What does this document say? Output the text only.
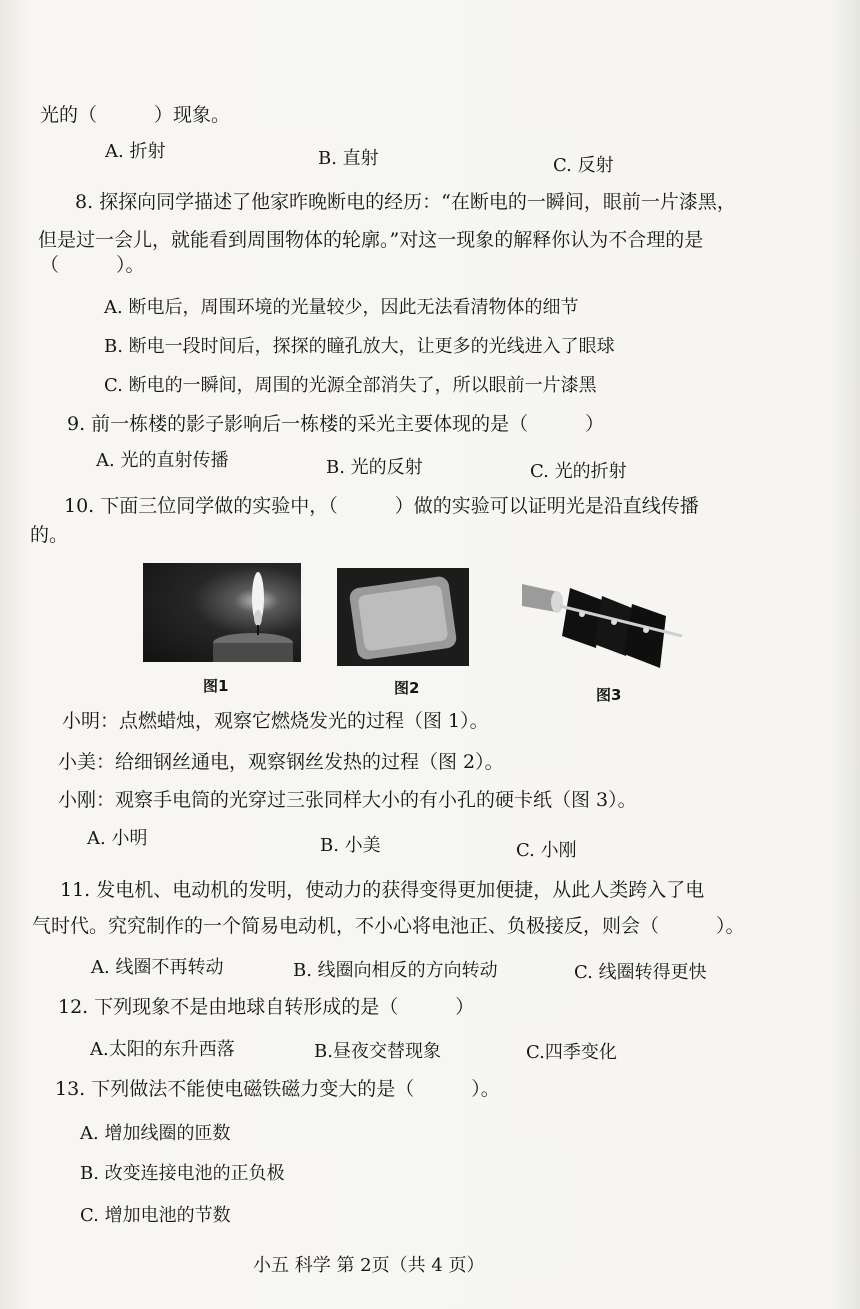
光的（　　　）现象。
A. 折射	B. 直射	C. 反射
8. 探探向同学描述了他家昨晚断电的经历：“在断电的一瞬间，眼前一片漆黑，
但是过一会儿，就能看到周围物体的轮廓。”对这一现象的解释你认为不合理的是
（　　　）。
A. 断电后，周围环境的光量较少，因此无法看清物体的细节
B. 断电一段时间后，探探的瞳孔放大，让更多的光线进入了眼球
C. 断电的一瞬间，周围的光源全部消失了，所以眼前一片漆黑
9. 前一栋楼的影子影响后一栋楼的采光主要体现的是（　　　）
A. 光的直射传播	B. 光的反射	C. 光的折射
10. 下面三位同学做的实验中，（　　　）做的实验可以证明光是沿直线传播
的。
图1	图2	图3
小明：点燃蜡烛，观察它燃烧发光的过程（图 1）。
小美：给细钢丝通电，观察钢丝发热的过程（图 2）。
小刚：观察手电筒的光穿过三张同样大小的有小孔的硬卡纸（图 3）。
A. 小明	B. 小美	C. 小刚
11. 发电机、电动机的发明，使动力的获得变得更加便捷，从此人类跨入了电
气时代。究究制作的一个简易电动机，不小心将电池正、负极接反，则会（　　　）。
A. 线圈不再转动	B. 线圈向相反的方向转动	C. 线圈转得更快
12. 下列现象不是由地球自转形成的是（　　　）
A.太阳的东升西落	B.昼夜交替现象	C.四季变化
13. 下列做法不能使电磁铁磁力变大的是（　　　）。
A. 增加线圈的匝数
B. 改变连接电池的正负极
C. 增加电池的节数
小五 科学 第 2页（共 4 页）
